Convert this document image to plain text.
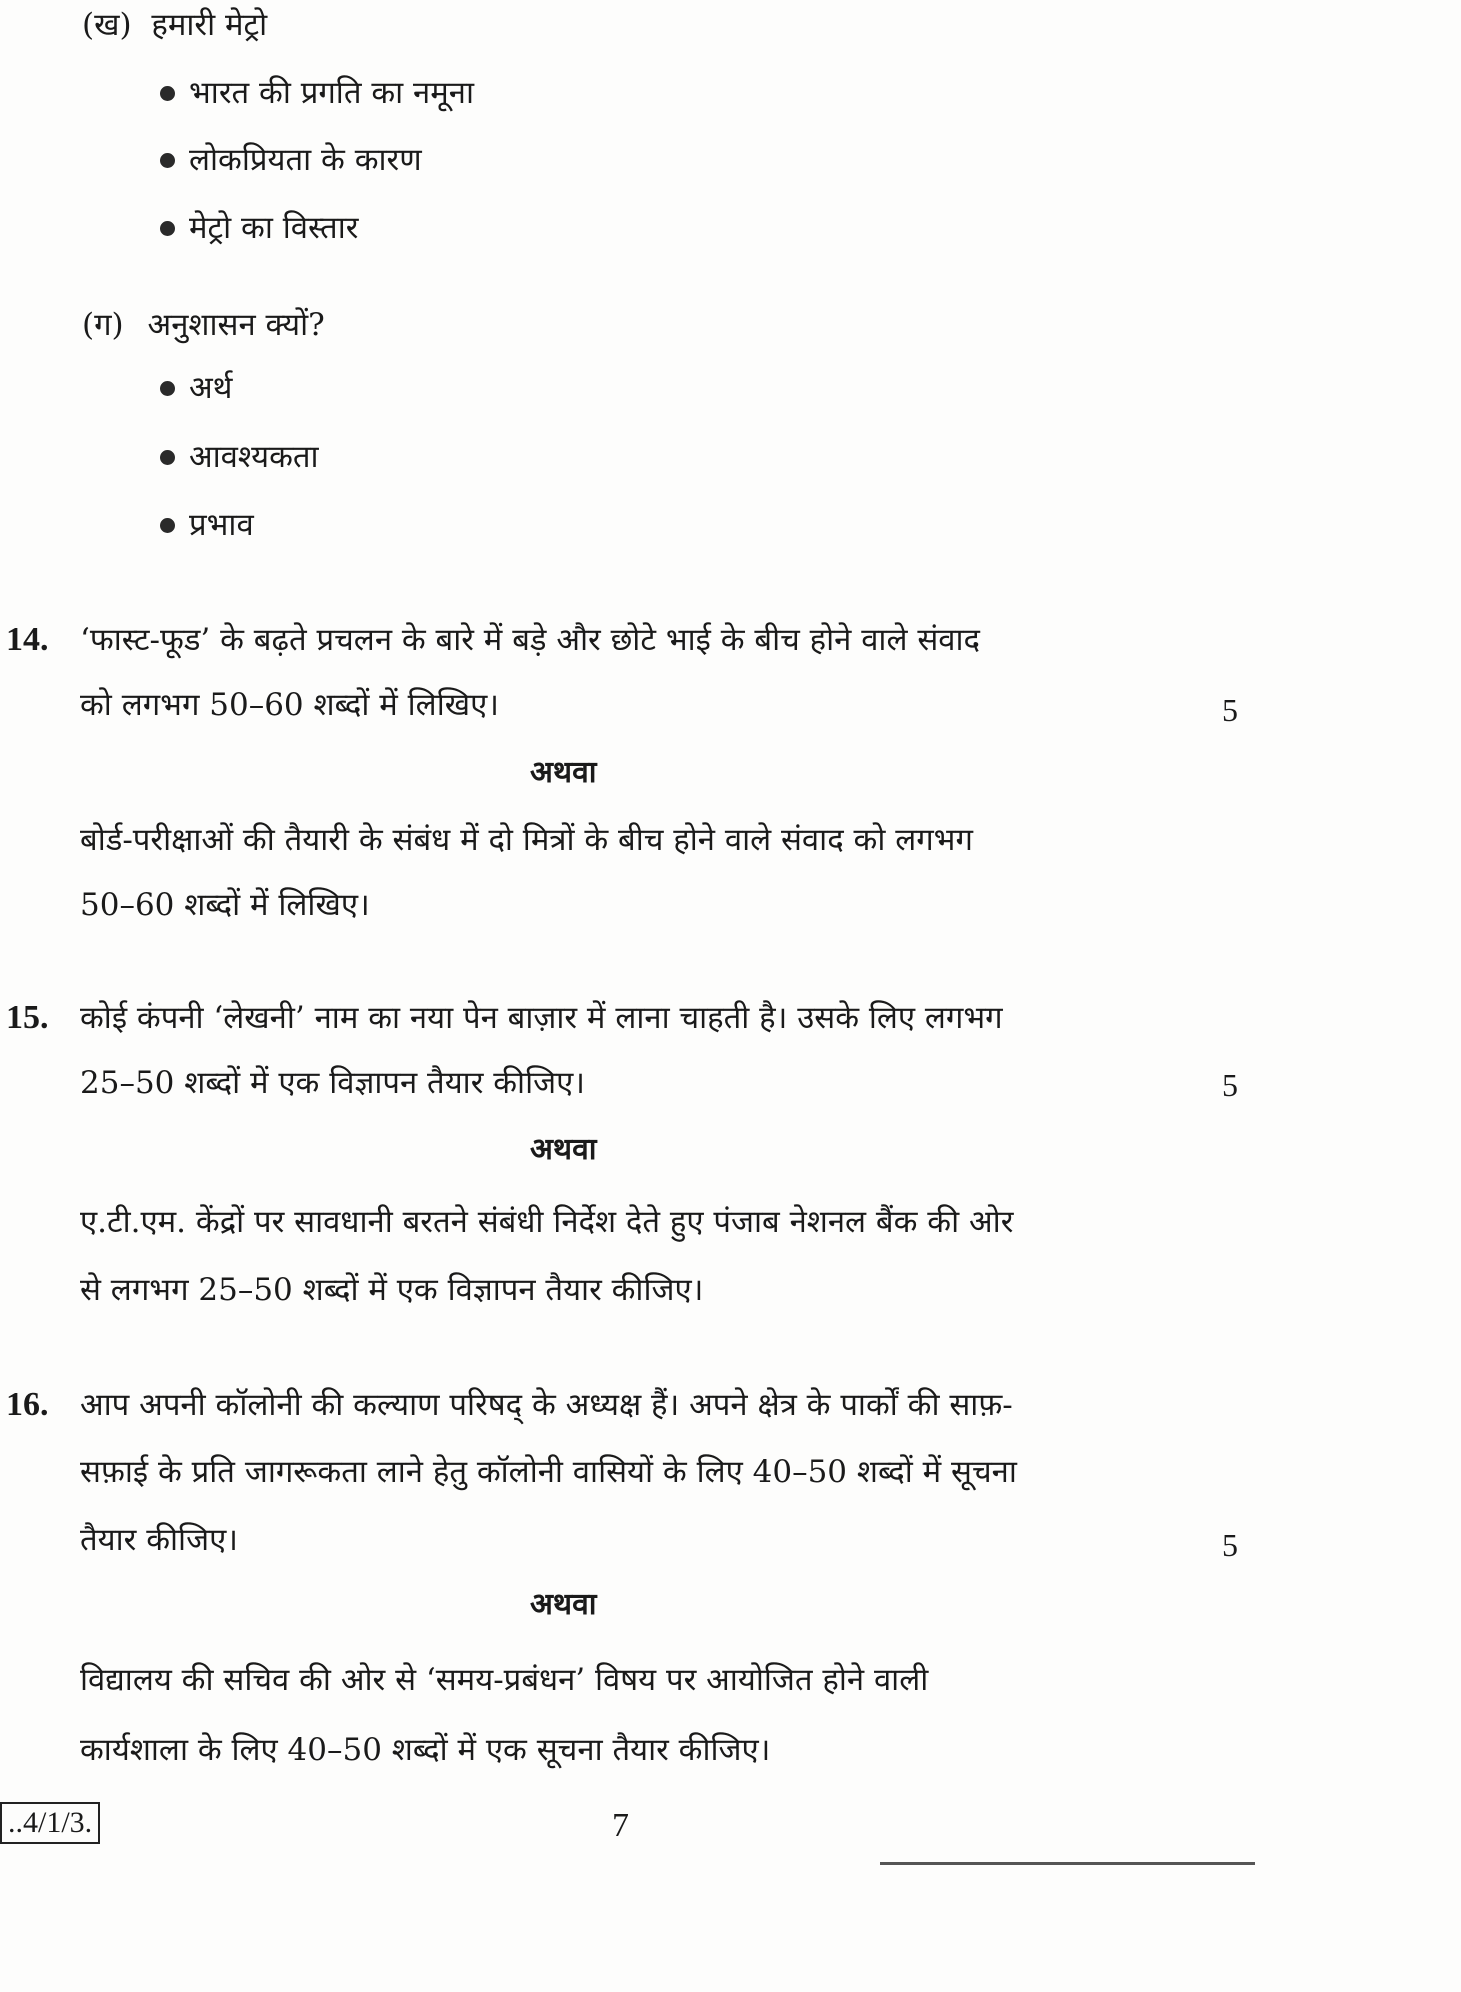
(ख) हमारी मेट्रो
भारत की प्रगति का नमूना
लोकप्रियता के कारण
मेट्रो का विस्तार
(ग) अनुशासन क्यों?
अर्थ
आवश्यकता
प्रभाव
14. ‘फास्ट-फूड’ के बढ़ते प्रचलन के बारे में बड़े और छोटे भाई के बीच होने वाले संवाद
को लगभग 50–60 शब्दों में लिखिए।	5
अथवा
बोर्ड-परीक्षाओं की तैयारी के संबंध में दो मित्रों के बीच होने वाले संवाद को लगभग
50–60 शब्दों में लिखिए।
15. कोई कंपनी ‘लेखनी’ नाम का नया पेन बाज़ार में लाना चाहती है। उसके लिए लगभग
25–50 शब्दों में एक विज्ञापन तैयार कीजिए।	5
अथवा
ए.टी.एम. केंद्रों पर सावधानी बरतने संबंधी निर्देश देते हुए पंजाब नेशनल बैंक की ओर
से लगभग 25–50 शब्दों में एक विज्ञापन तैयार कीजिए।
16. आप अपनी कॉलोनी की कल्याण परिषद् के अध्यक्ष हैं। अपने क्षेत्र के पार्कों की साफ़-
सफ़ाई के प्रति जागरूकता लाने हेतु कॉलोनी वासियों के लिए 40–50 शब्दों में सूचना
तैयार कीजिए।	5
अथवा
विद्यालय की सचिव की ओर से ‘समय-प्रबंधन’ विषय पर आयोजित होने वाली
कार्यशाला के लिए 40–50 शब्दों में एक सूचना तैयार कीजिए।
..4/1/3.	7
